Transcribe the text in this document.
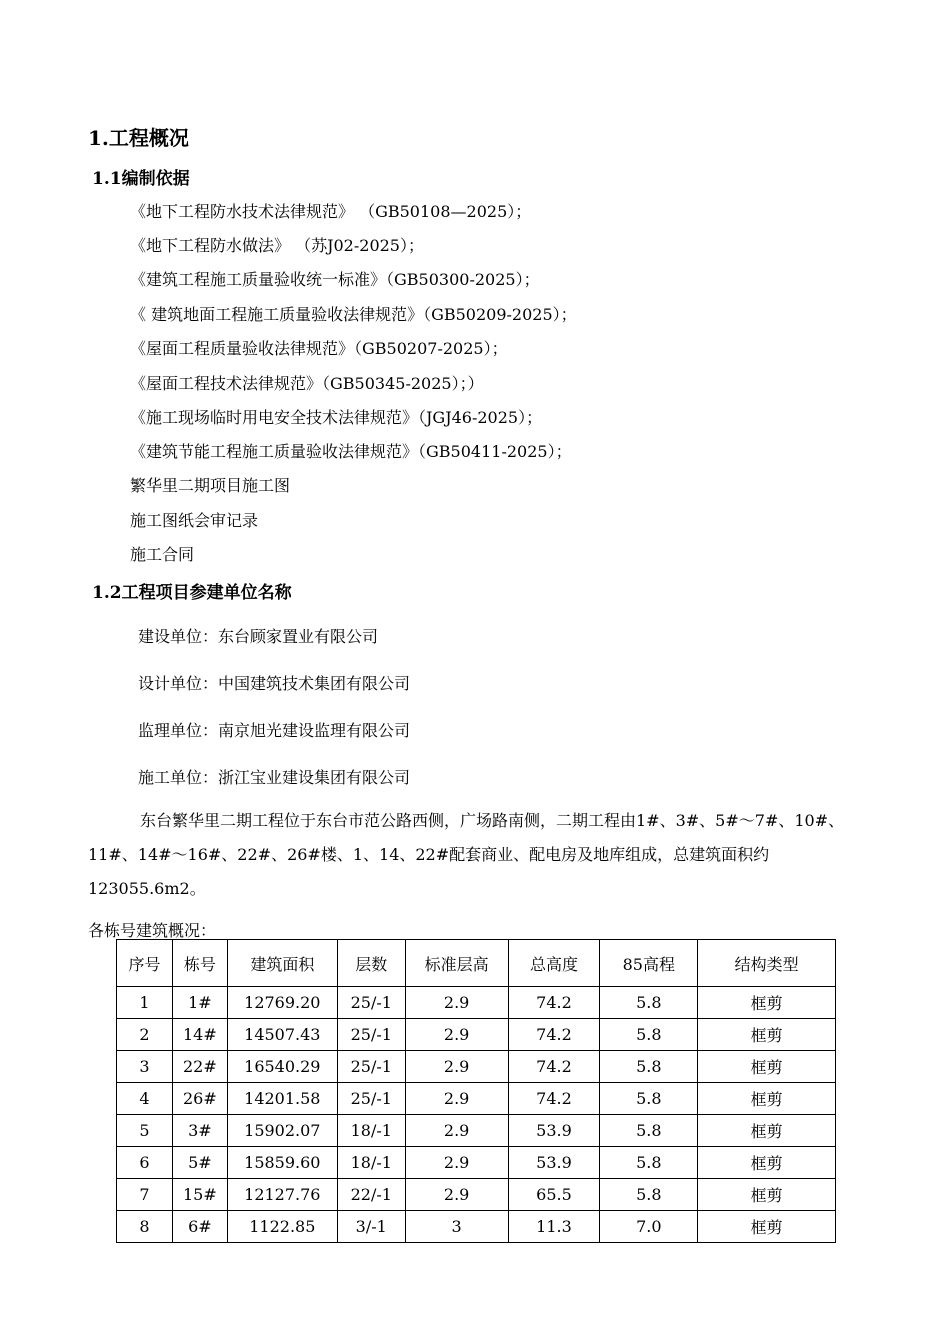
1.工程概况
1.1编制依据
《地下工程防水技术法律规范》 （GB50108—2025）；
《地下工程防水做法》 （苏J02-2025）；
《建筑工程施工质量验收统一标准》（GB50300-2025）；
《 建筑地面工程施工质量验收法律规范》（GB50209-2025）；
《屋面工程质量验收法律规范》（GB50207-2025）；
《屋面工程技术法律规范》（GB50345-2025）；）
《施工现场临时用电安全技术法律规范》（JGJ46-2025）；
《建筑节能工程施工质量验收法律规范》（GB50411-2025）；
繁华里二期项目施工图
施工图纸会审记录
施工合同
1.2工程项目参建单位名称
建设单位：东台顾家置业有限公司
设计单位：中国建筑技术集团有限公司
监理单位：南京旭光建设监理有限公司
施工单位：浙江宝业建设集团有限公司
东台繁华里二期工程位于东台市范公路西侧，广场路南侧，二期工程由1#、3#、5#～7#、10#、11#、14#～16#、22#、26#楼、1、14、22#配套商业、配电房及地库组成，总建筑面积约123055.6m2。
各栋号建筑概况：
序号	栋号	建筑面积	层数	标准层高	总高度	85高程	结构类型
1	1#	12769.20	25/-1	2.9	74.2	5.8	框剪
2	14#	14507.43	25/-1	2.9	74.2	5.8	框剪
3	22#	16540.29	25/-1	2.9	74.2	5.8	框剪
4	26#	14201.58	25/-1	2.9	74.2	5.8	框剪
5	3#	15902.07	18/-1	2.9	53.9	5.8	框剪
6	5#	15859.60	18/-1	2.9	53.9	5.8	框剪
7	15#	12127.76	22/-1	2.9	65.5	5.8	框剪
8	6#	1122.85	3/-1	3	11.3	7.0	框剪
